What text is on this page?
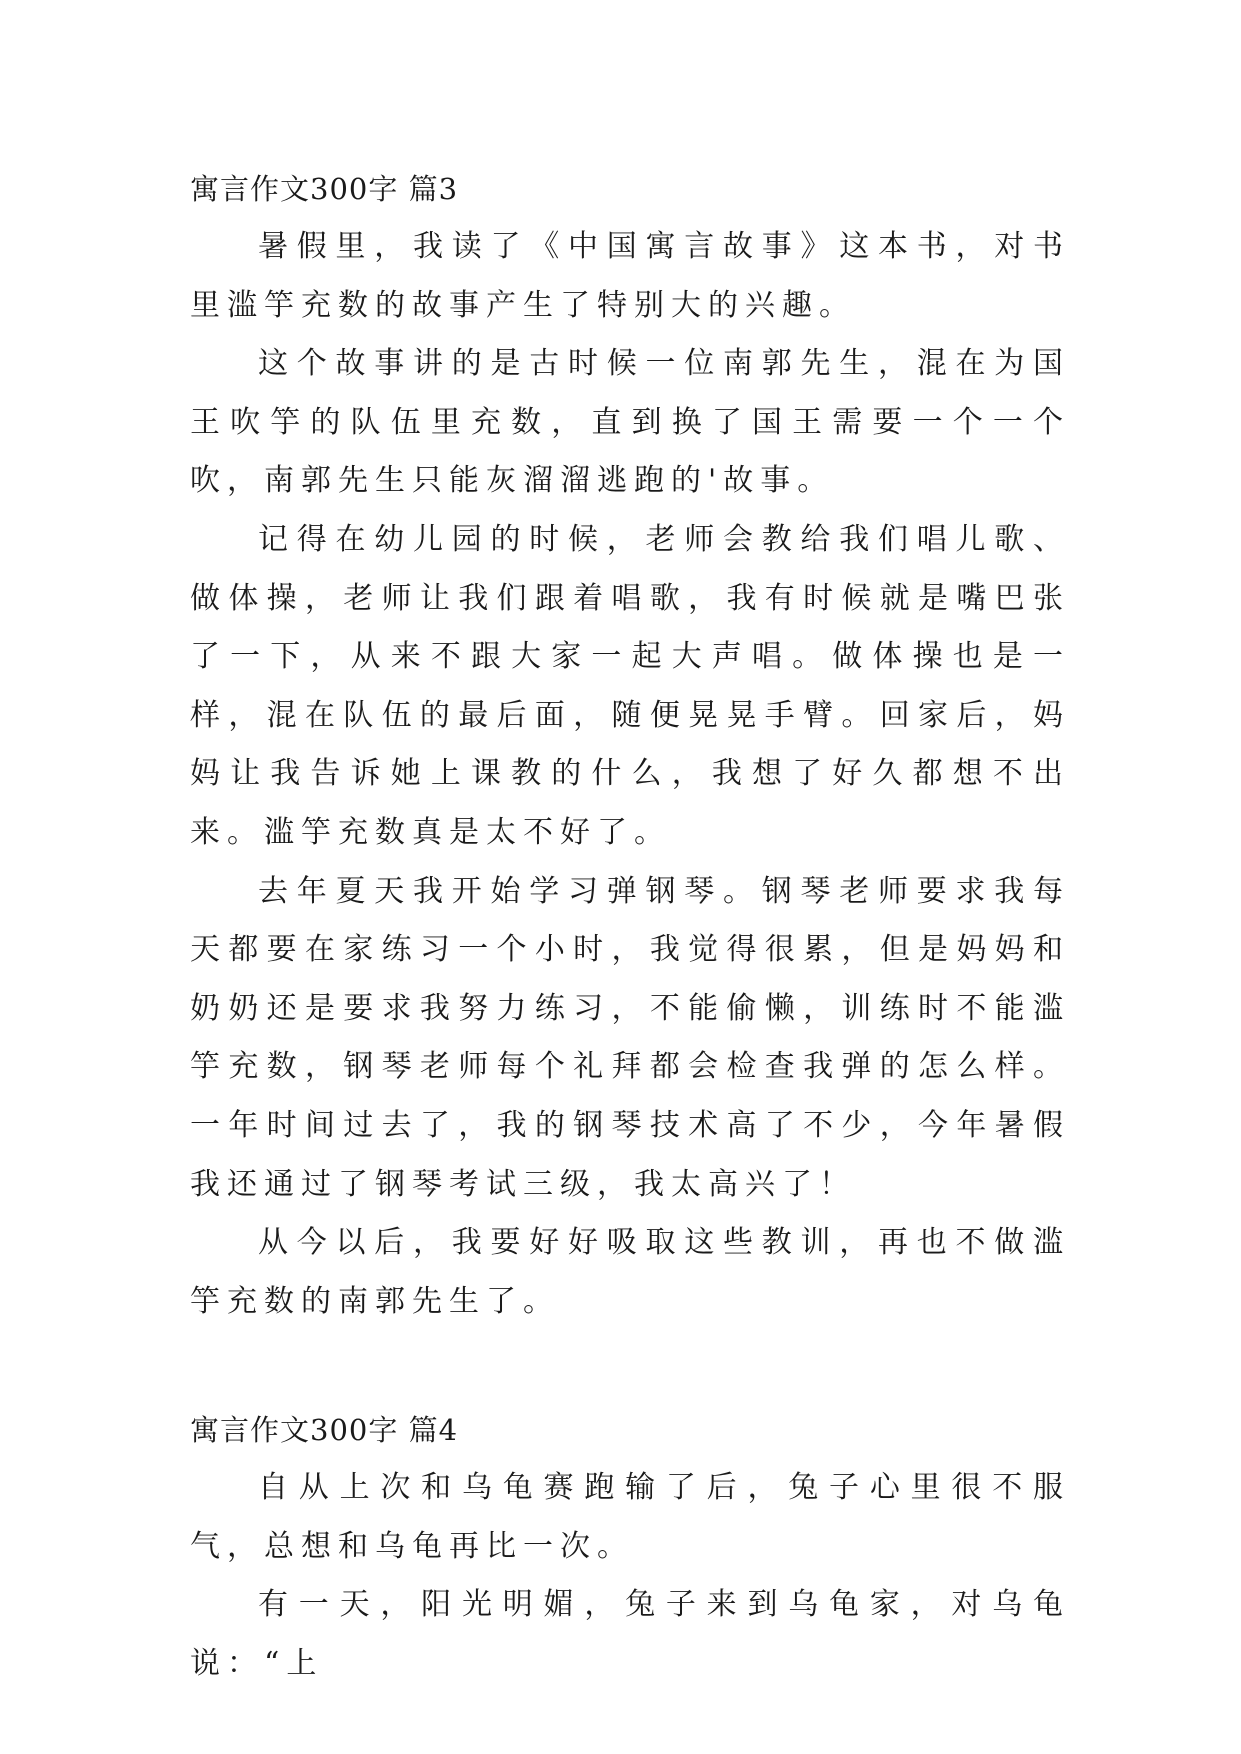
寓言作文300字 篇3

暑假里，我读了《中国寓言故事》这本书，对书里滥竽充数的故事产生了特别大的兴趣。

这个故事讲的是古时候一位南郭先生，混在为国王吹竽的队伍里充数，直到换了国王需要一个一个吹，南郭先生只能灰溜溜逃跑的'故事。

记得在幼儿园的时候，老师会教给我们唱儿歌、做体操，老师让我们跟着唱歌，我有时候就是嘴巴张了一下，从来不跟大家一起大声唱。做体操也是一样，混在队伍的最后面，随便晃晃手臂。回家后，妈妈让我告诉她上课教的什么，我想了好久都想不出来。滥竽充数真是太不好了。

去年夏天我开始学习弹钢琴。钢琴老师要求我每天都要在家练习一个小时，我觉得很累，但是妈妈和奶奶还是要求我努力练习，不能偷懒，训练时不能滥竽充数，钢琴老师每个礼拜都会检查我弹的怎么样。一年时间过去了，我的钢琴技术高了不少，今年暑假我还通过了钢琴考试三级，我太高兴了！

从今以后，我要好好吸取这些教训，再也不做滥竽充数的南郭先生了。

寓言作文300字 篇4

自从上次和乌龟赛跑输了后，兔子心里很不服气，总想和乌龟再比一次。

有一天，阳光明媚，兔子来到乌龟家，对乌龟说：“上
